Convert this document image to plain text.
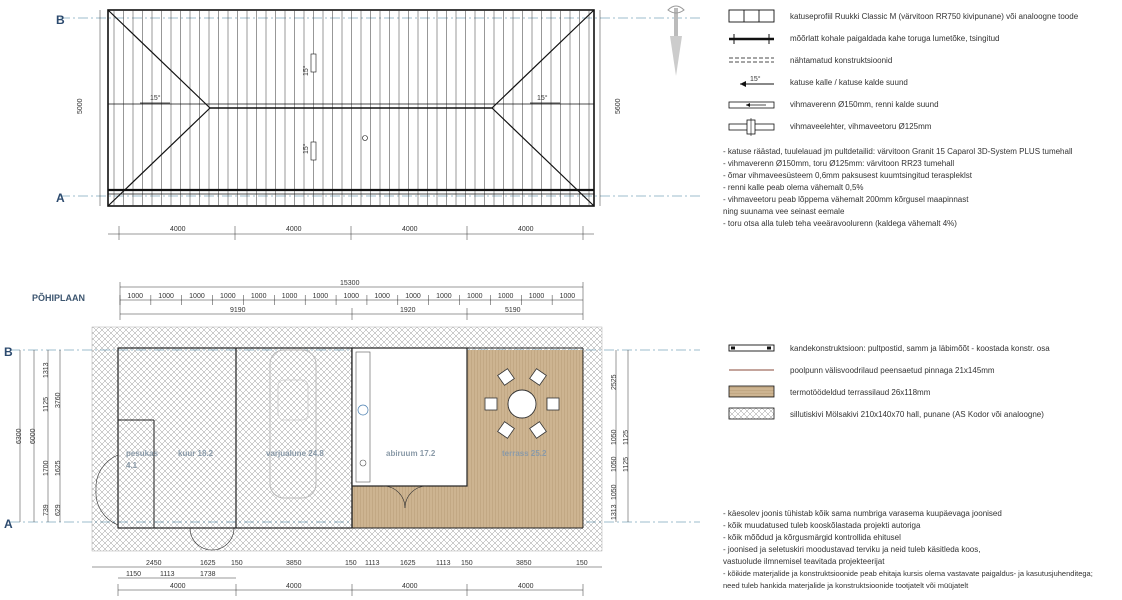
B
A
15°	15°
15°
15°
5000	5600
4000	4000	4000	4000
katuseprofiil Ruukki Classic M (värvitoon RR750 kivipunane) või analoogne toode
mõõrlatt kohale paigaldada kahe toruga lumetõke, tsingitud
nähtamatud konstruktsioonid
15°	katuse kalle / katuse kalde suund
vihmaverenn Ø150mm, renni kalde suund
vihmaveelehter, vihmaveetoru Ø125mm
- katuse räästad, tuulelauad jm pultdetailid: värvitoon Granit 15 Caparol 3D-System PLUS tumehall
- vihmaverenn Ø150mm, toru Ø125mm: värvitoon RR23 tumehall
- õmar vihmaveesüsteem 0,6mm paksusest kuumtsingitud teraspleklst
- renni kalle peab olema vähemalt 0,5%
- vihmaveetoru peab lõppema vähemalt 200mm kõrgusel maapinnast
ning suunama vee seinast eemale
- toru otsa alla tuleb teha veeäravoolurenn (kaldega vähemalt 4%)
PÕHIPLAAN
15300
1000 1000 1000 1000 1000 1000 1000 1000 1000 1000 1000 1000 1000 1000 1000
9190	1920	5190
B
A
pesukas
4.1
kuur 18.2	varjualune 24.8	abiruum 17.2	terrass 25.2
6300 6000
1313
1125 3760
1700 1625
739 629
2525
1050 1125
1050 1125
1050
1313
2450	1625 150	3850	150 1113	1625	1113 150	3850	150
1150	1113	1738
4000	4000	4000	4000
kandekonstruktsioon: pultpostid, samm ja läbimõõt - koostada konstr. osa
poolpunn välisvoodrilaud peensaetud pinnaga 21x145mm
termotöödeldud terrassilaud 26x118mm
sillutiskivi Mölsakivi 210x140x70 hall, punane (AS Kodor või analoogne)
- käesolev joonis tühistab kõik sama numbriga varasema kuupäevaga joonised
- kõik muudatused tuleb kooskõlastada projekti autoriga
- kõik mõõdud ja kõrgusmärgid kontrollida ehitusel
- joonised ja seletuskiri moodustavad terviku ja neid tuleb käsitleda koos,
vastuolude ilmnemisel teavitada projekteerijat
- kõikide materjalide ja konstruktsioonide peab ehitaja kursis olema vastavate paigaldus- ja kasutusjuhenditega;
need tuleb hankida materjalide ja konstruktsioonide tootjatelt või müüjatelt
